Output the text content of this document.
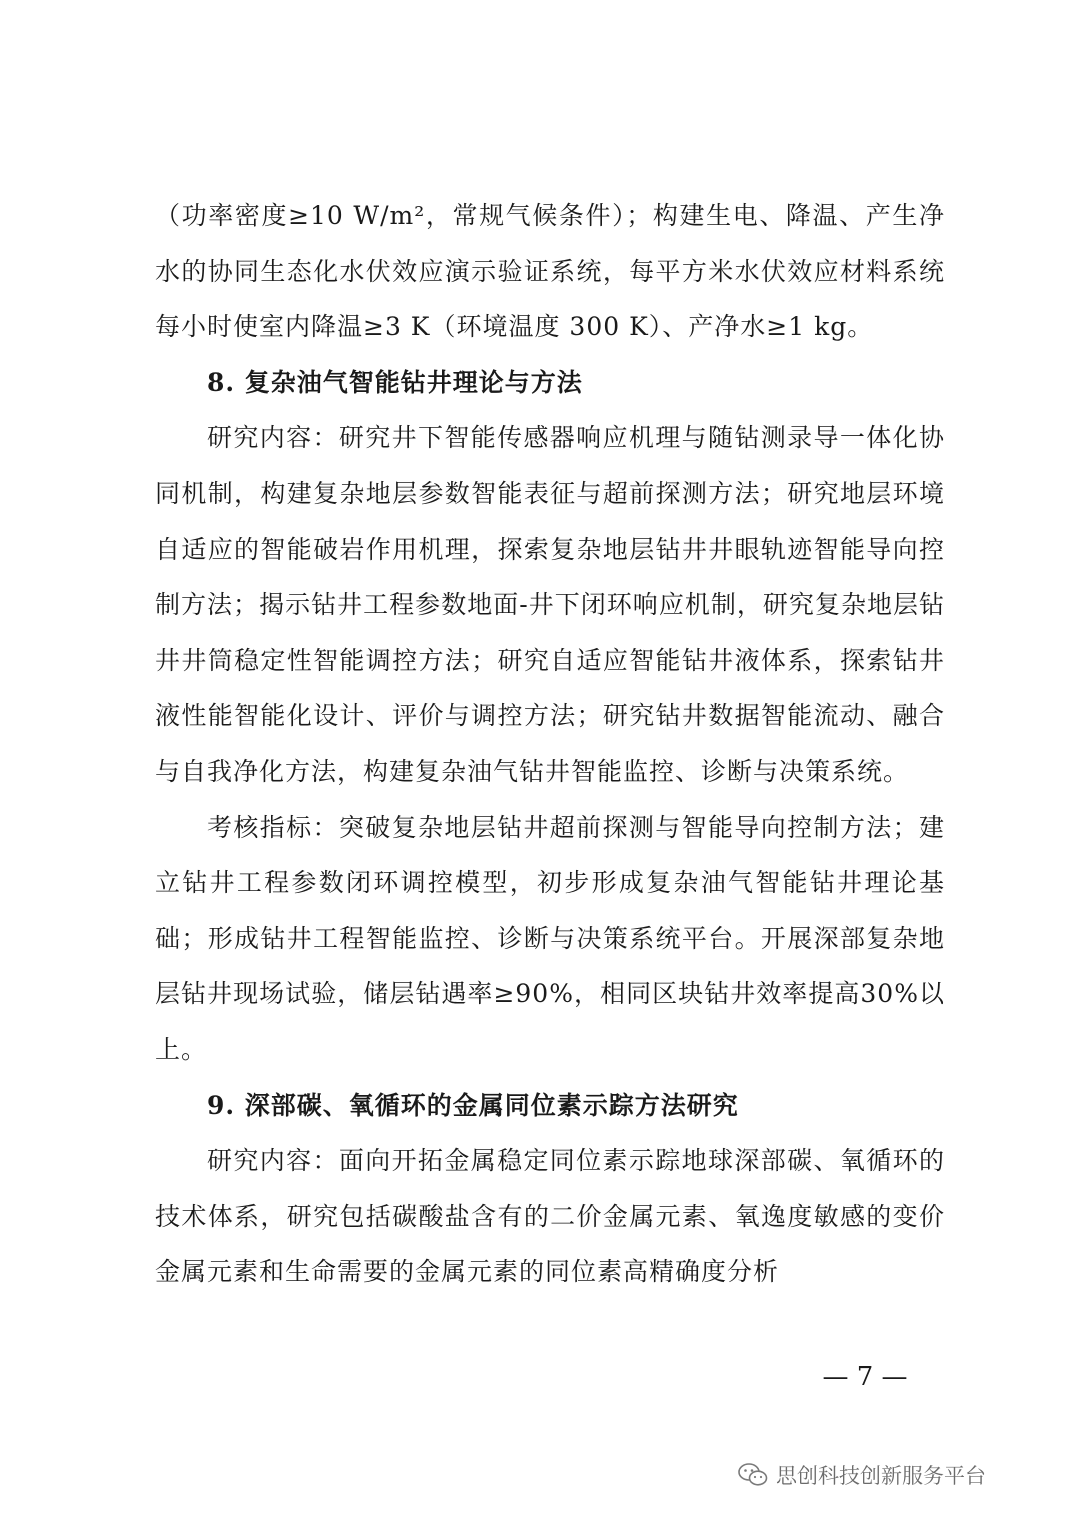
（功率密度≥10 W/m²，常规气候条件）；构建生电、降温、产生净水的协同生态化水伏效应演示验证系统，每平方米水伏效应材料系统每小时使室内降温≥3 K（环境温度 300 K）、产净水≥1 kg。

8. 复杂油气智能钻井理论与方法

研究内容：研究井下智能传感器响应机理与随钻测录导一体化协同机制，构建复杂地层参数智能表征与超前探测方法；研究地层环境自适应的智能破岩作用机理，探索复杂地层钻井井眼轨迹智能导向控制方法；揭示钻井工程参数地面-井下闭环响应机制，研究复杂地层钻井井筒稳定性智能调控方法；研究自适应智能钻井液体系，探索钻井液性能智能化设计、评价与调控方法；研究钻井数据智能流动、融合与自我净化方法，构建复杂油气钻井智能监控、诊断与决策系统。

考核指标：突破复杂地层钻井超前探测与智能导向控制方法；建立钻井工程参数闭环调控模型，初步形成复杂油气智能钻井理论基础；形成钻井工程智能监控、诊断与决策系统平台。开展深部复杂地层钻井现场试验，储层钻遇率≥90%，相同区块钻井效率提高30%以上。

9. 深部碳、氧循环的金属同位素示踪方法研究

研究内容：面向开拓金属稳定同位素示踪地球深部碳、氧循环的技术体系，研究包括碳酸盐含有的二价金属元素、氧逸度敏感的变价金属元素和生命需要的金属元素的同位素高精确度分析

— 7 —
思创科技创新服务平台
